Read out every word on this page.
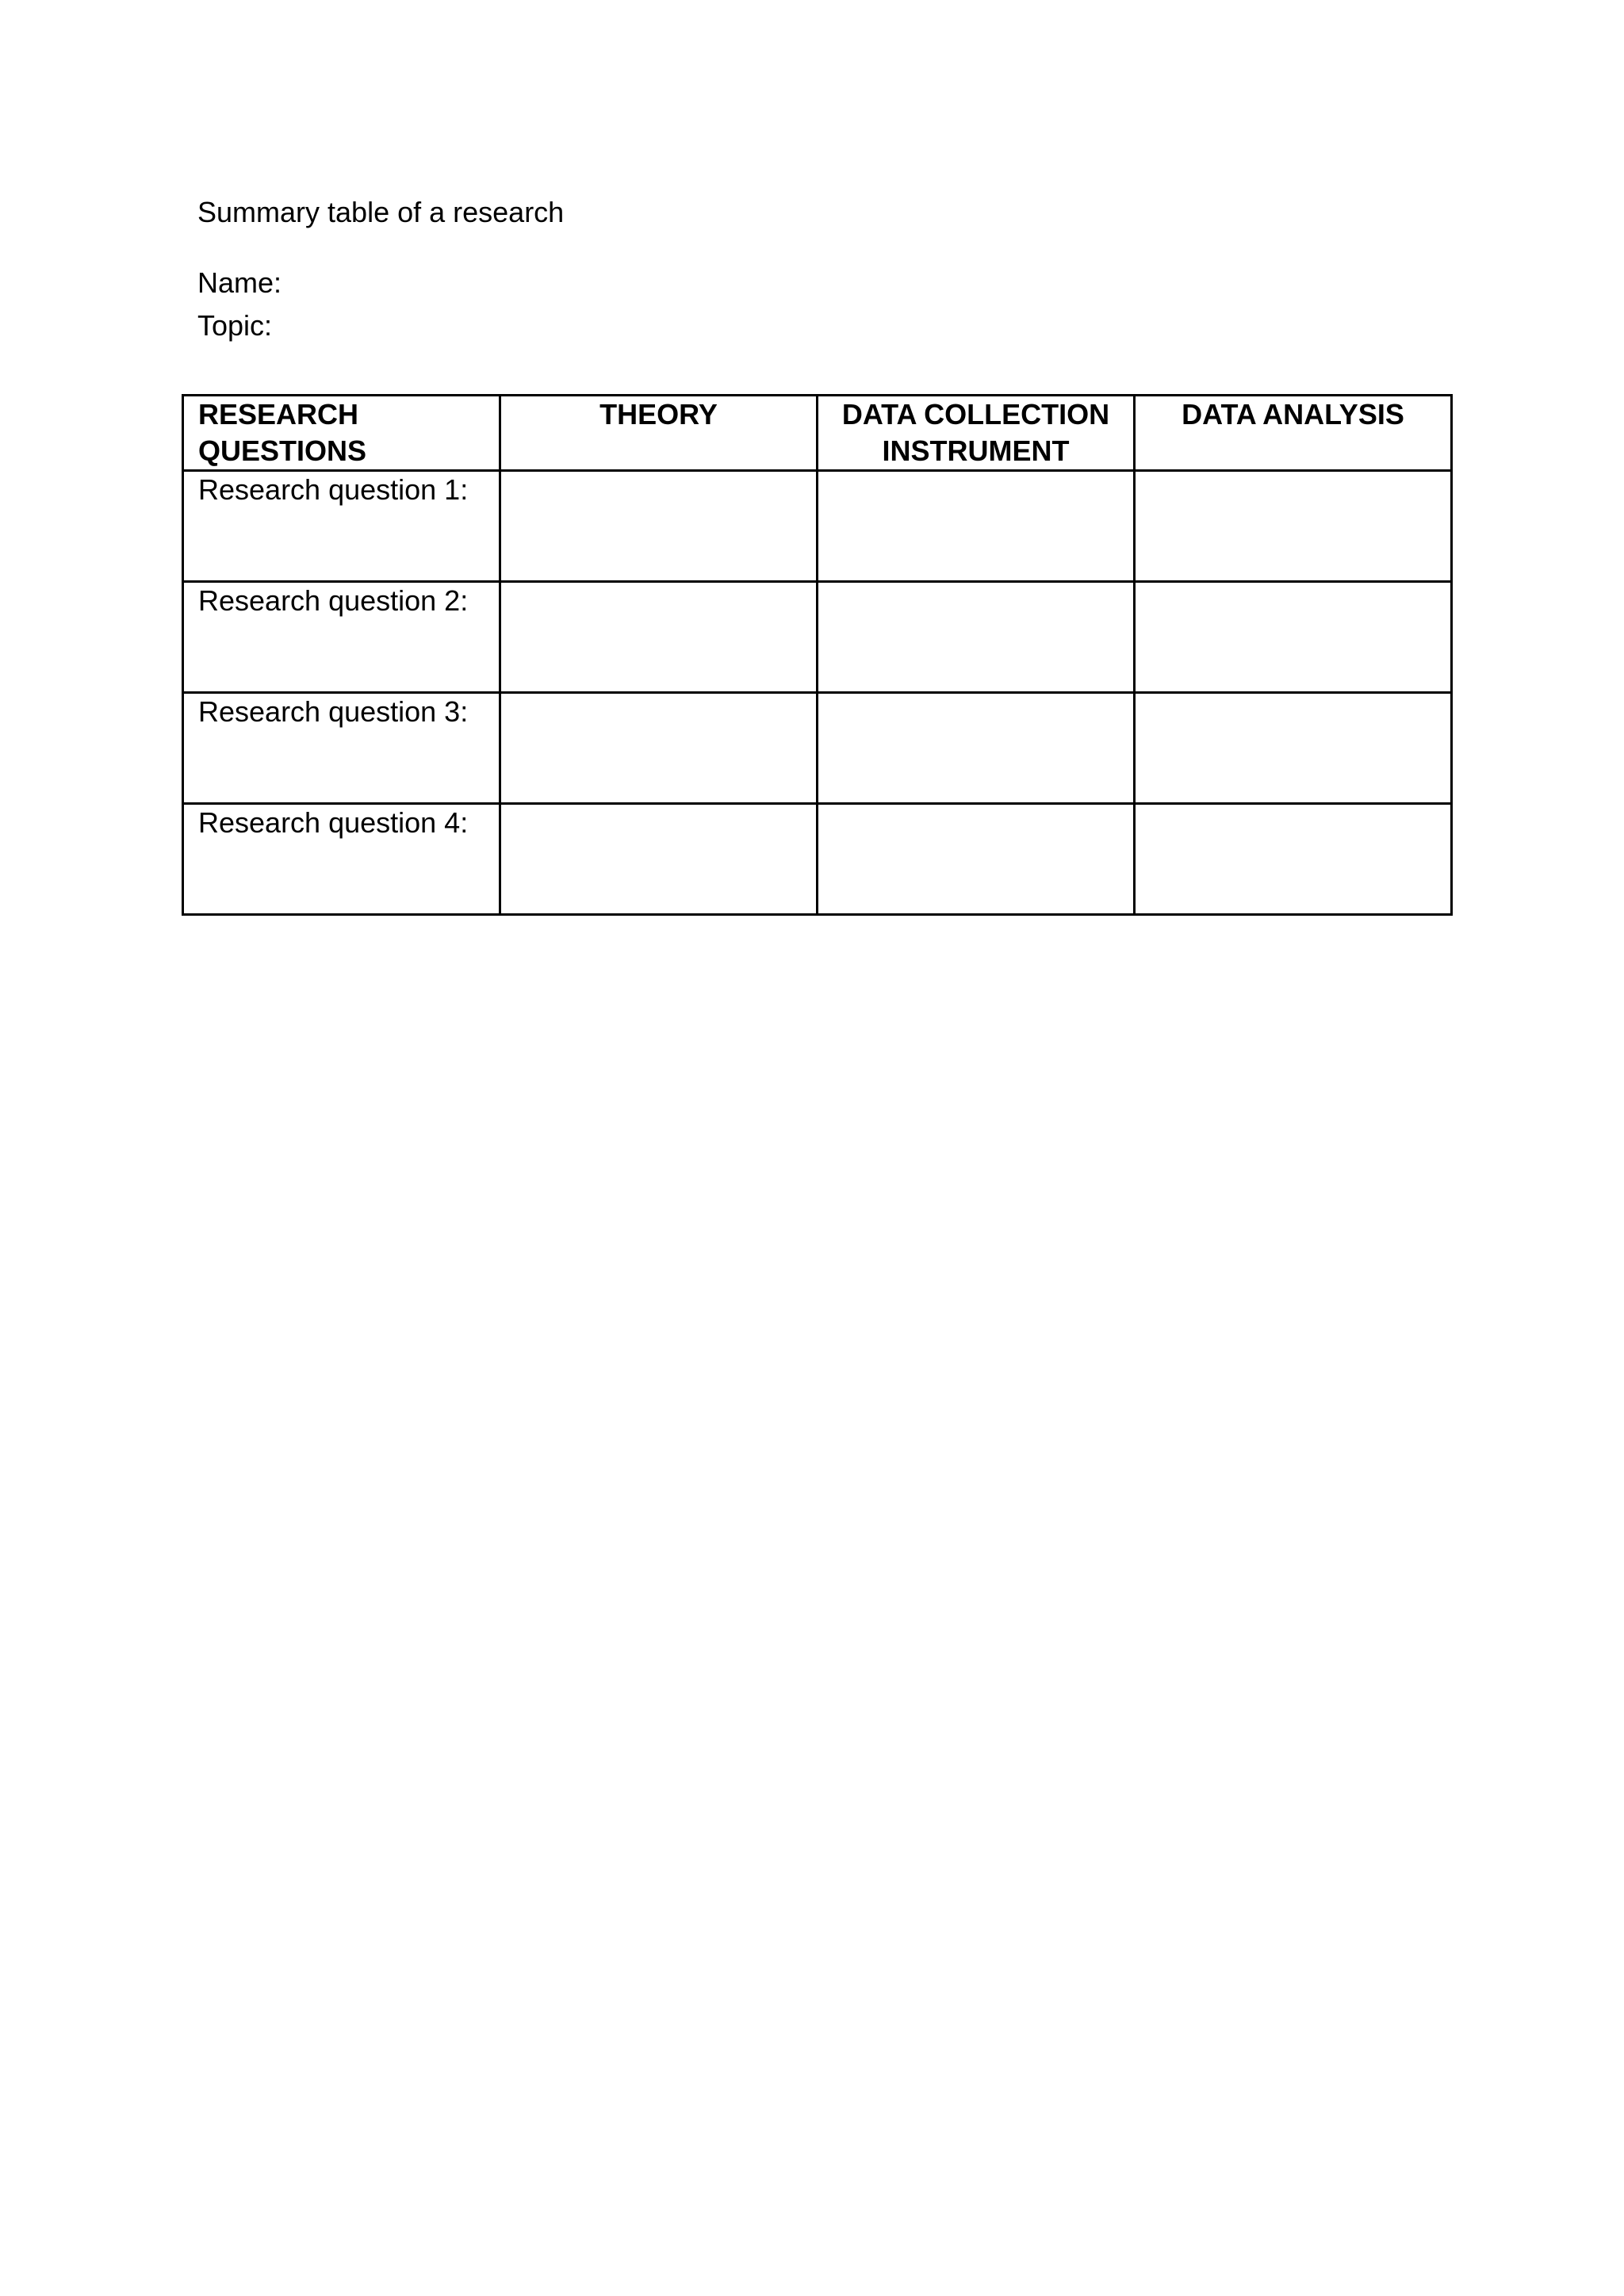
Summary table of a research
Name:
Topic:
RESEARCH QUESTIONS	THEORY	DATA COLLECTION INSTRUMENT	DATA ANALYSIS
Research question 1:			
Research question 2:			
Research question 3:			
Research question 4:			
